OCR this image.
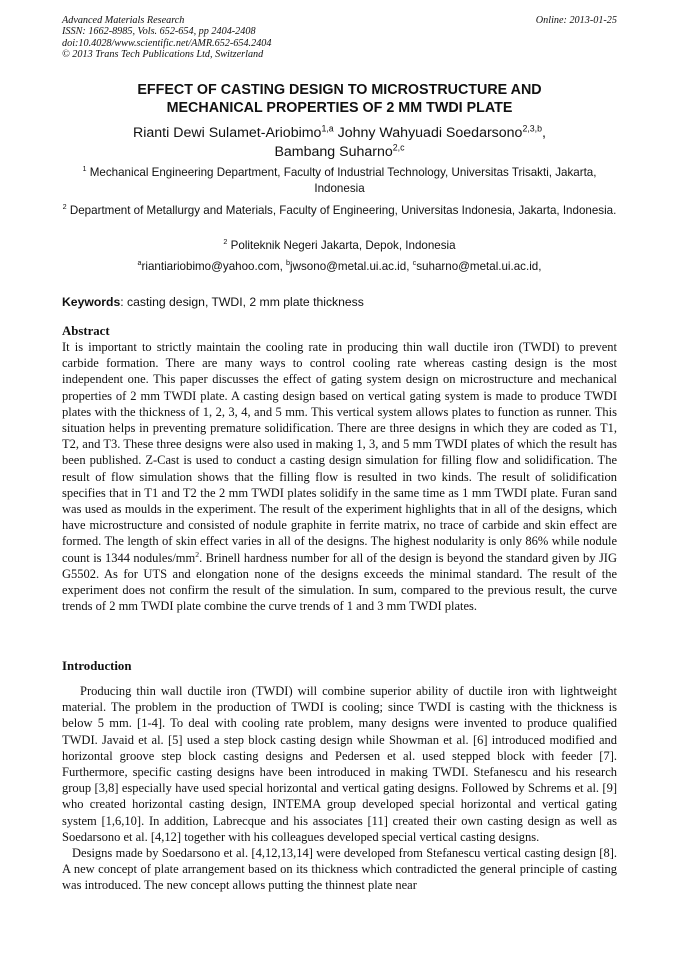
Advanced Materials Research
ISSN: 1662-8985, Vols. 652-654, pp 2404-2408
doi:10.4028/www.scientific.net/AMR.652-654.2404
© 2013 Trans Tech Publications Ltd, Switzerland
Online: 2013-01-25
EFFECT OF CASTING DESIGN TO MICROSTRUCTURE AND
MECHANICAL PROPERTIES OF 2 MM TWDI PLATE
Rianti Dewi Sulamet-Ariobimo$^{1,a}$ Johny Wahyuadi Soedarsono$^{2,3,b}$,
Bambang Suharno$^{2,c}$
$^1$ Mechanical Engineering Department, Faculty of Industrial Technology, Universitas Trisakti, Jakarta, Indonesia
$^2$ Department of Metallurgy and Materials, Faculty of Engineering, Universitas Indonesia, Jakarta, Indonesia.
$^2$ Politeknik Negeri Jakarta, Depok, Indonesia
$^a$riantiariobimo@yahoo.com, $^b$jwsono@metal.ui.ac.id, $^c$suharno@metal.ui.ac.id,
Keywords: casting design, TWDI, 2 mm plate thickness
Abstract

It is important to strictly maintain the cooling rate in producing thin wall ductile iron (TWDI) to prevent carbide formation. There are many ways to control cooling rate whereas casting design is the most independent one. This paper discusses the effect of gating system design on microstructure and mechanical properties of 2 mm TWDI plate. A casting design based on vertical gating system is made to produce TWDI plates with the thickness of 1, 2, 3, 4, and 5 mm. This vertical system allows plates to function as runner. This situation helps in preventing premature solidification. There are three designs in which they are coded as T1, T2, and T3. These three designs were also used in making 1, 3, and 5 mm TWDI plates of which the result has been published. Z-Cast is used to conduct a casting design simulation for filling flow and solidification. The result of flow simulation shows that the filling flow is resulted in two kinds. The result of solidification specifies that in T1 and T2 the 2 mm TWDI plates solidify in the same time as 1 mm TWDI plate. Furan sand was used as moulds in the experiment. The result of the experiment highlights that in all of the designs, which have microstructure and consisted of nodule graphite in ferrite matrix, no trace of carbide and skin effect are formed. The length of skin effect varies in all of the designs. The highest nodularity is only 86% while nodule count is 1344 nodules/$mm^2$. Brinell hardness number for all of the design is beyond the standard given by JIG G5502. As for UTS and elongation none of the designs exceeds the minimal standard. The result of the experiment does not confirm the result of the simulation. In sum, compared to the previous result, the curve trends of 2 mm TWDI plate combine the curve trends of 1 and 3 mm TWDI plates.

Introduction

Producing thin wall ductile iron (TWDI) will combine superior ability of ductile iron with lightweight material. The problem in the production of TWDI is cooling; since TWDI is casting with the thickness is below 5 mm. [1-4]. To deal with cooling rate problem, many designs were invented to produce qualified TWDI. Javaid et al. [5] used a step block casting design while Showman et al. [6] introduced modified and horizontal groove step block casting designs and Pedersen et al. used stepped block with feeder [7]. Furthermore, specific casting designs have been introduced in making TWDI. Stefanescu and his research group [3,8] especially have used special horizontal and vertical gating designs. Followed by Schrems et al. [9] who created horizontal casting design, INTEMA group developed special horizontal and vertical gating system [1,6,10]. In addition, Labrecque and his associates [11] created their own casting design as well as Soedarsono et al. [4,12] together with his colleagues developed special vertical casting designs.

Designs made by Soedarsono et al. [4,12,13,14] were developed from Stefanescu vertical casting design [8]. A new concept of plate arrangement based on its thickness which contradicted the general principle of casting was introduced. The new concept allows putting the thinnest plate near
